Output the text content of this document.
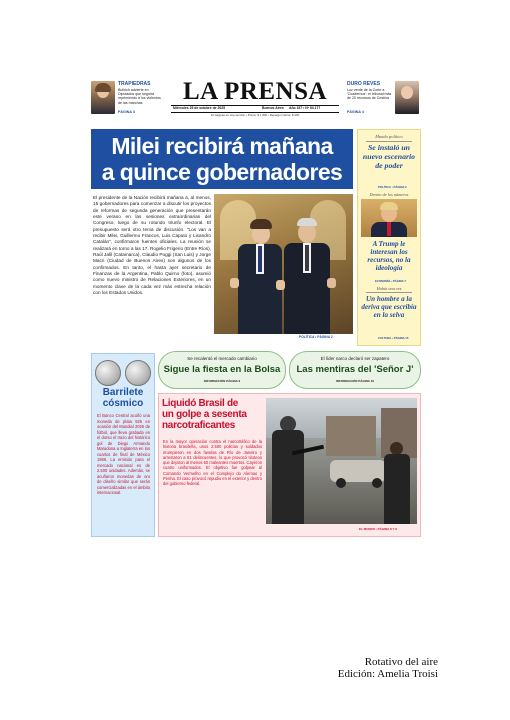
TRAPIEDRAS
Bullrich advierte en Diputados que seguirá reprimiendo a los violentos de las marchas
PÁGINA 3
LA PRENSA
Miércoles 29 de octubre de 2025	Buenos Aires Año 157 • Nº 54.177
16 páginas en una sección • Precio: $ 1.800 • Recargo interior: $ 200
DURO REVES
Luz verde de la Corte a 'Cuadernos': el tribunal más de 20 recursos de Cristina
PÁGINA 4
Milei recibirá mañana
a quince gobernadores
El presidente de la Nación recibirá mañana a, al menos, 15 gobernadores para comenzar a discutir los proyectos de reformas de segunda generación que presentarán este verano en las sesiones extraordinarias del Congreso, luego de su rotundo triunfo electoral. El presupuesto será otro tema de discusión. "Los van a recibir Milei, Guillermo Francos, Luis Caputo y Lisandro Catalán", confirmaron fuentes oficiales. La reunión se realizará en torno a las 17. Rogelio Frigerio (Entre Ríos), Raúl Jalil (Catamarca), Claudio Poggi (San Luis) y Jorge Macri (Ciudad de Buenos Aires) son algunos de los confirmados. En tanto, el hasta ayer secretario de Finanzas de la Argentina, Pablo Quirno (foto), asumió como nuevo ministro de Relaciones Exteriores, en un momento clave de la cada vez más estrecha relación con los Estados Unidos.
POLÍTICA • PÁGINA 2
Mundo político
Se instaló un nuevo escenario de poder
POLÍTICA • PÁGINA 2
Dentro de los números
A Trump le interesan los recursos, no la ideología
ECONOMÍA • PÁGINA 7
Había una vez
Un hombre a la deriva que escribía en la selva
CULTURA • PÁGINA 15
Se recalentó el mercado cambiario
Sigue la fiesta en la Bolsa
INFORMACIÓN PÁGINA 9
El líder narco declaró ser zapatero
Las mentiras del 'Señor J'
INFORMACIÓN PÁGINA 10
Barrilete
cósmico
El Banco Central acuñó una moneda de plata 925 en ocasión del Mundial 2026 de fútbol, que lleva grabada en el dorso el trazo del histórico gol de Diego Armando Maradona a Inglaterra en los cuartos de final de México 1986. La emisión para el mercado nacional es de 2.500 unidades. Además, se acuñaron monedas de oro de diseño similar que serán comercializadas en el ámbito internacional.
Liquidó Brasil de
un golpe a sesenta
narcotraficantes
En la mayor operación contra el narcotráfico de la historia brasileña, unos 2.500 policías y soldados irrumpieron en dos favelas de Río de Janeiro y arrestaron a 81 delincuentes, lo que provocó tiroteos que dejaron al menos 60 maleantes muertos. Cayeron cuatro uniformados. El objetivo fue golpear al Comando Vermelho en el Complejo do Alemao y Penha. El caso provocó repudio en el exterior y dentro del gobierno federal.
EL MUNDO • PÁGINA 8 Y 9
Rotativo del aire
Edición: Amelia Troisi
